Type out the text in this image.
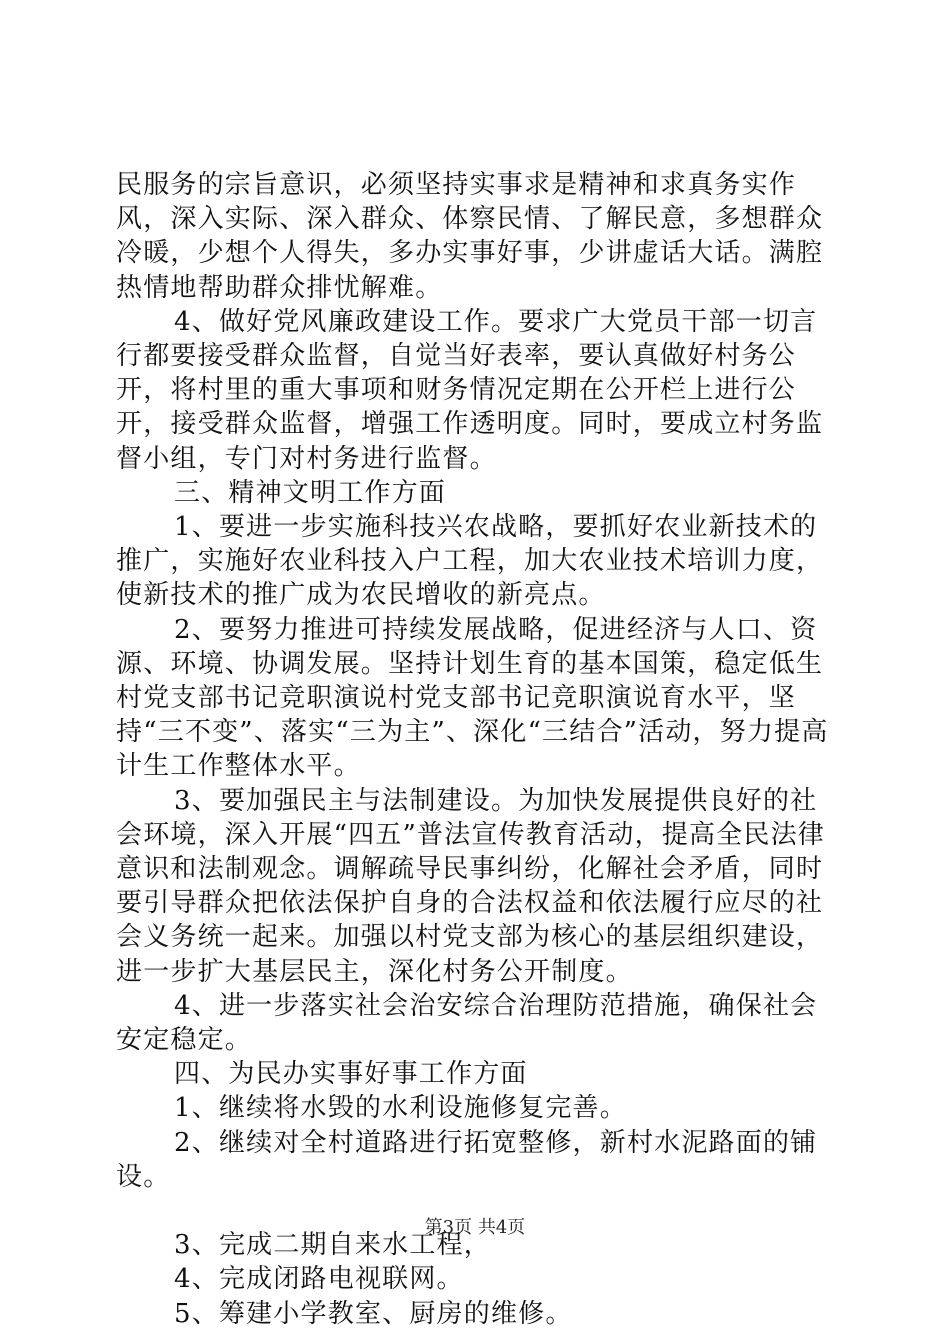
民服务的宗旨意识，必须坚持实事求是精神和求真务实作风，深入实际、深入群众、体察民情、了解民意，多想群众冷暖，少想个人得失，多办实事好事，少讲虚话大话。满腔热情地帮助群众排忧解难。

4、做好党风廉政建设工作。要求广大党员干部一切言行都要接受群众监督，自觉当好表率，要认真做好村务公开，将村里的重大事项和财务情况定期在公开栏上进行公开，接受群众监督，增强工作透明度。同时，要成立村务监督小组，专门对村务进行监督。

三、精神文明工作方面

1、要进一步实施科技兴农战略，要抓好农业新技术的推广，实施好农业科技入户工程，加大农业技术培训力度，使新技术的推广成为农民增收的新亮点。

2、要努力推进可持续发展战略，促进经济与人口、资源、环境、协调发展。坚持计划生育的基本国策，稳定低生村党支部书记竞职演说村党支部书记竞职演说育水平，坚持“三不变”、落实“三为主”、深化“三结合”活动，努力提高计生工作整体水平。

3、要加强民主与法制建设。为加快发展提供良好的社会环境，深入开展“四五”普法宣传教育活动，提高全民法律意识和法制观念。调解疏导民事纠纷，化解社会矛盾，同时要引导群众把依法保护自身的合法权益和依法履行应尽的社会义务统一起来。加强以村党支部为核心的基层组织建设，进一步扩大基层民主，深化村务公开制度。

4、进一步落实社会治安综合治理防范措施，确保社会安定稳定。

四、为民办实事好事工作方面

1、继续将水毁的水利设施修复完善。

2、继续对全村道路进行拓宽整修，新村水泥路面的铺设。

3、完成二期自来水工程，

4、完成闭路电视联网。

5、筹建小学教室、厨房的维修。

第3页 共4页
